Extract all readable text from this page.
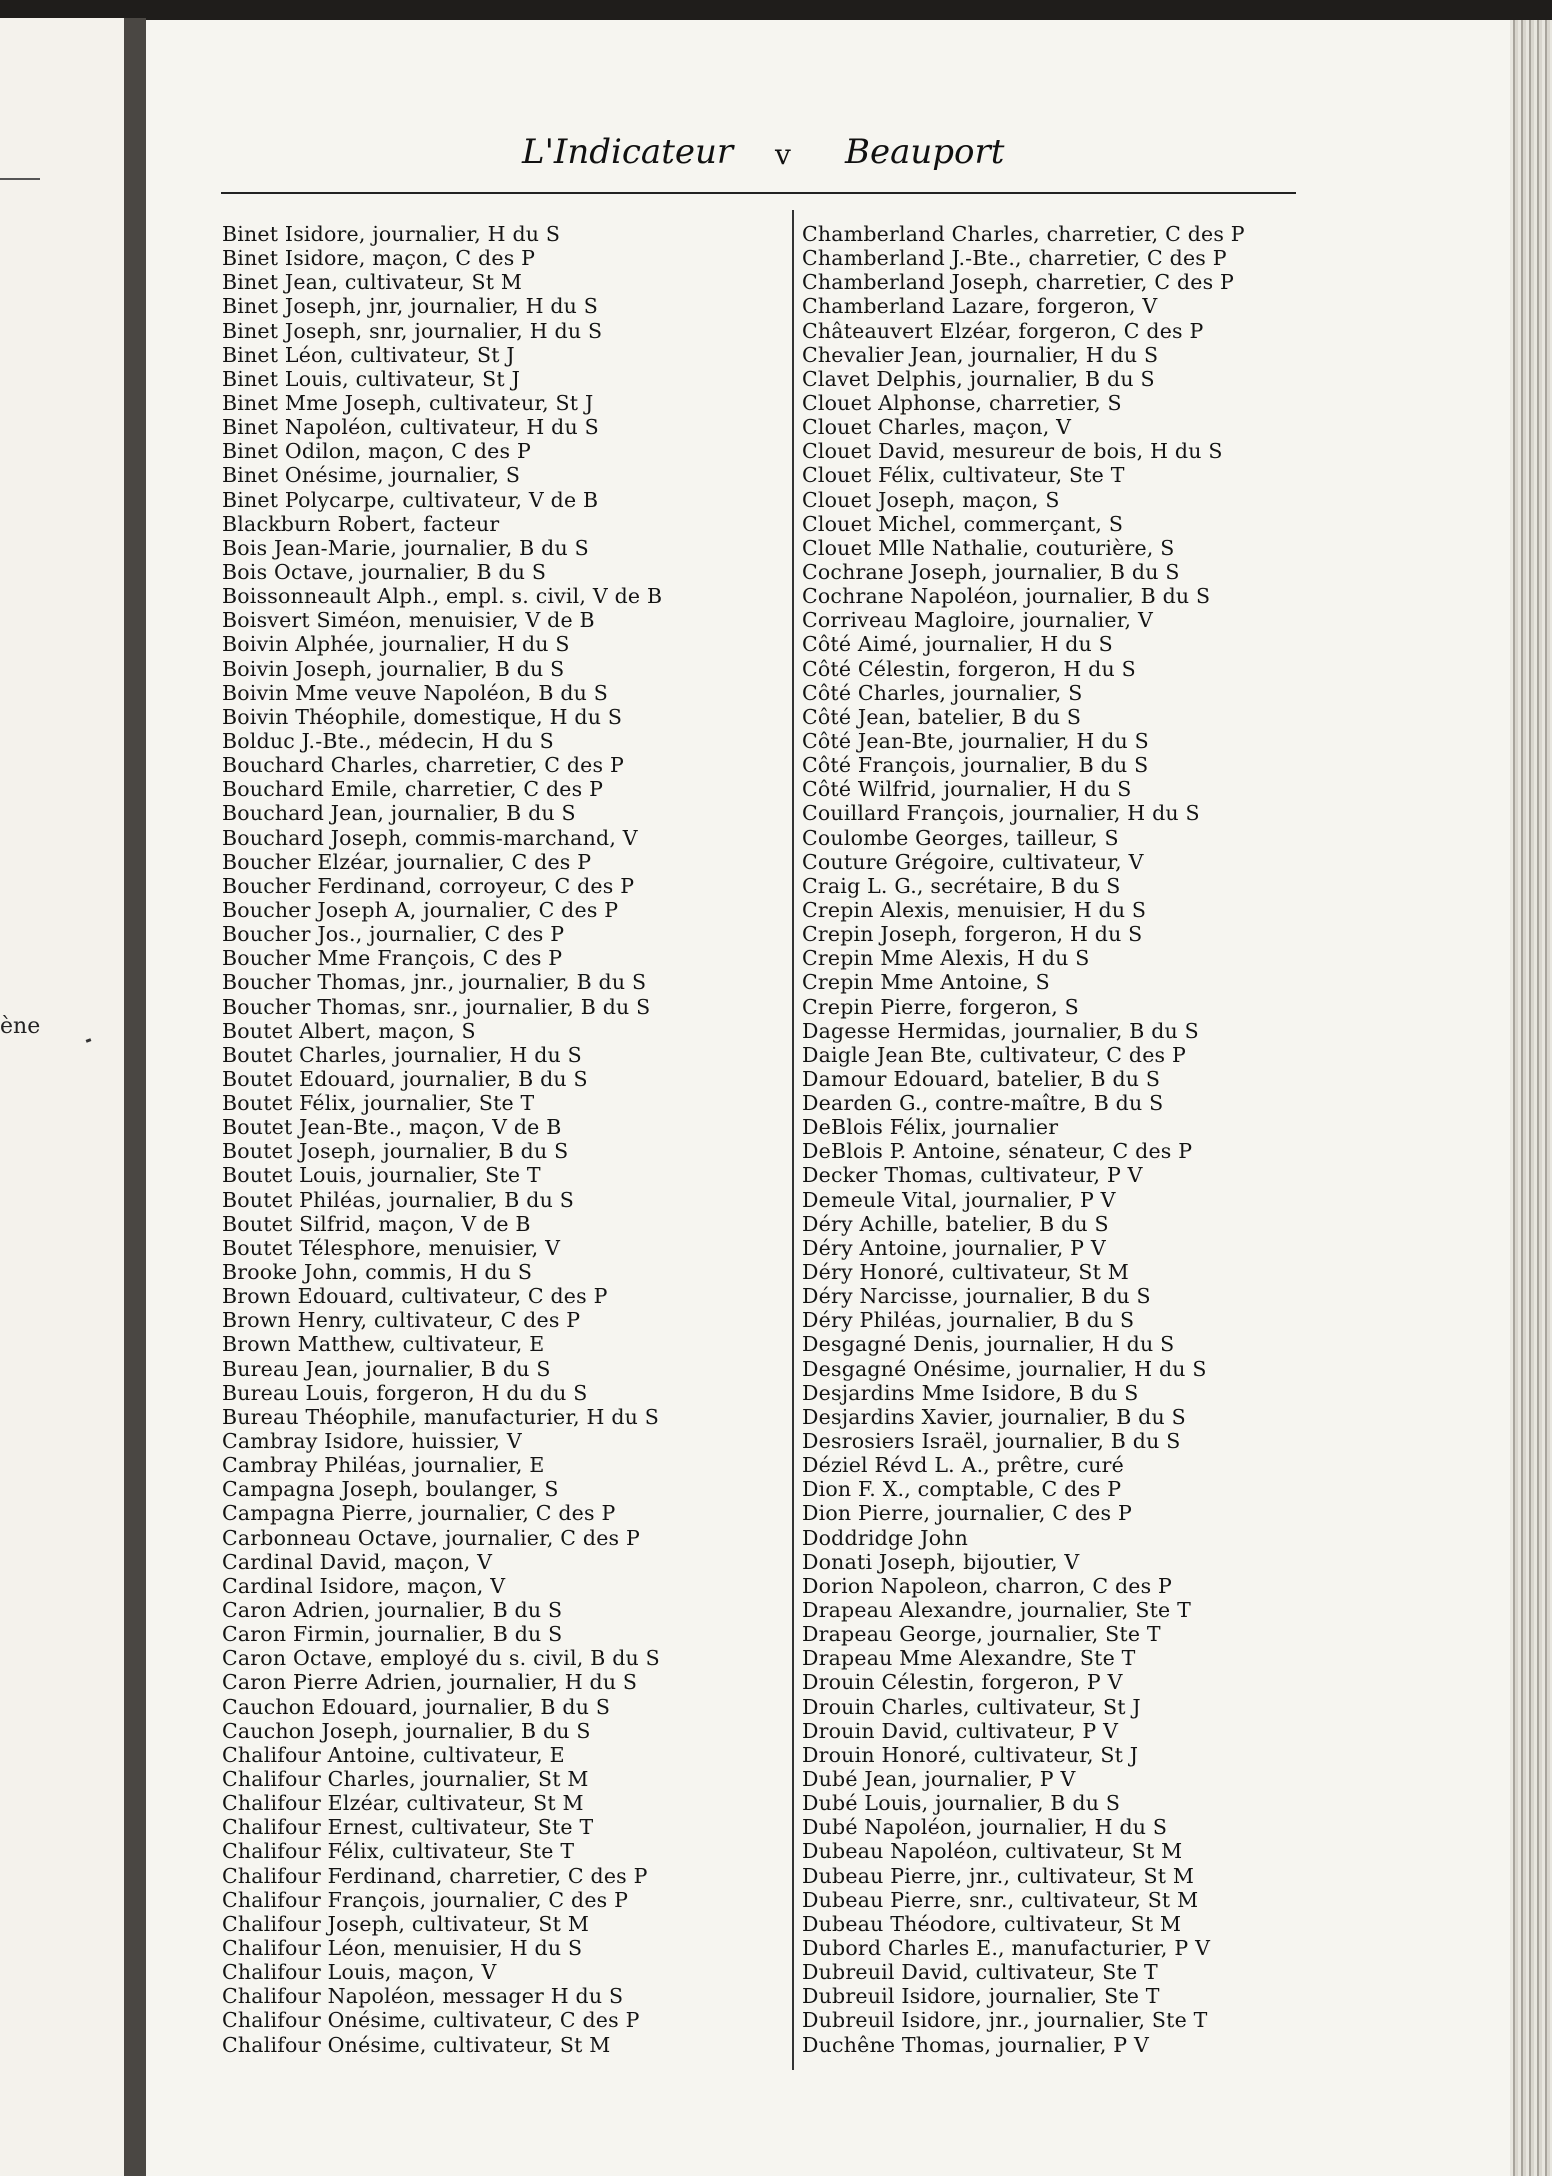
ène
L'Indicateur v Beauport
Binet Isidore, journalier, H du S
Binet Isidore, maçon, C des P
Binet Jean, cultivateur, St M
Binet Joseph, jnr, journalier, H du S
Binet Joseph, snr, journalier, H du S
Binet Léon, cultivateur, St J
Binet Louis, cultivateur, St J
Binet Mme Joseph, cultivateur, St J
Binet Napoléon, cultivateur, H du S
Binet Odilon, maçon, C des P
Binet Onésime, journalier, S
Binet Polycarpe, cultivateur, V de B
Blackburn Robert, facteur
Bois Jean-Marie, journalier, B du S
Bois Octave, journalier, B du S
Boissonneault Alph., empl. s. civil, V de B
Boisvert Siméon, menuisier, V de B
Boivin Alphée, journalier, H du S
Boivin Joseph, journalier, B du S
Boivin Mme veuve Napoléon, B du S
Boivin Théophile, domestique, H du S
Bolduc J.-Bte., médecin, H du S
Bouchard Charles, charretier, C des P
Bouchard Emile, charretier, C des P
Bouchard Jean, journalier, B du S
Bouchard Joseph, commis-marchand, V
Boucher Elzéar, journalier, C des P
Boucher Ferdinand, corroyeur, C des P
Boucher Joseph A, journalier, C des P
Boucher Jos., journalier, C des P
Boucher Mme François, C des P
Boucher Thomas, jnr., journalier, B du S
Boucher Thomas, snr., journalier, B du S
Boutet Albert, maçon, S
Boutet Charles, journalier, H du S
Boutet Edouard, journalier, B du S
Boutet Félix, journalier, Ste T
Boutet Jean-Bte., maçon, V de B
Boutet Joseph, journalier, B du S
Boutet Louis, journalier, Ste T
Boutet Philéas, journalier, B du S
Boutet Silfrid, maçon, V de B
Boutet Télesphore, menuisier, V
Brooke John, commis, H du S
Brown Edouard, cultivateur, C des P
Brown Henry, cultivateur, C des P
Brown Matthew, cultivateur, E
Bureau Jean, journalier, B du S
Bureau Louis, forgeron, H du du S
Bureau Théophile, manufacturier, H du S
Cambray Isidore, huissier, V
Cambray Philéas, journalier, E
Campagna Joseph, boulanger, S
Campagna Pierre, journalier, C des P
Carbonneau Octave, journalier, C des P
Cardinal David, maçon, V
Cardinal Isidore, maçon, V
Caron Adrien, journalier, B du S
Caron Firmin, journalier, B du S
Caron Octave, employé du s. civil, B du S
Caron Pierre Adrien, journalier, H du S
Cauchon Edouard, journalier, B du S
Cauchon Joseph, journalier, B du S
Chalifour Antoine, cultivateur, E
Chalifour Charles, journalier, St M
Chalifour Elzéar, cultivateur, St M
Chalifour Ernest, cultivateur, Ste T
Chalifour Félix, cultivateur, Ste T
Chalifour Ferdinand, charretier, C des P
Chalifour François, journalier, C des P
Chalifour Joseph, cultivateur, St M
Chalifour Léon, menuisier, H du S
Chalifour Louis, maçon, V
Chalifour Napoléon, messager H du S
Chalifour Onésime, cultivateur, C des P
Chalifour Onésime, cultivateur, St M
Chamberland Charles, charretier, C des P
Chamberland J.-Bte., charretier, C des P
Chamberland Joseph, charretier, C des P
Chamberland Lazare, forgeron, V
Châteauvert Elzéar, forgeron, C des P
Chevalier Jean, journalier, H du S
Clavet Delphis, journalier, B du S
Clouet Alphonse, charretier, S
Clouet Charles, maçon, V
Clouet David, mesureur de bois, H du S
Clouet Félix, cultivateur, Ste T
Clouet Joseph, maçon, S
Clouet Michel, commerçant, S
Clouet Mlle Nathalie, couturière, S
Cochrane Joseph, journalier, B du S
Cochrane Napoléon, journalier, B du S
Corriveau Magloire, journalier, V
Côté Aimé, journalier, H du S
Côté Célestin, forgeron, H du S
Côté Charles, journalier, S
Côté Jean, batelier, B du S
Côté Jean-Bte, journalier, H du S
Côté François, journalier, B du S
Côté Wilfrid, journalier, H du S
Couillard François, journalier, H du S
Coulombe Georges, tailleur, S
Couture Grégoire, cultivateur, V
Craig L. G., secrétaire, B du S
Crepin Alexis, menuisier, H du S
Crepin Joseph, forgeron, H du S
Crepin Mme Alexis, H du S
Crepin Mme Antoine, S
Crepin Pierre, forgeron, S
Dagesse Hermidas, journalier, B du S
Daigle Jean Bte, cultivateur, C des P
Damour Edouard, batelier, B du S
Dearden G., contre-maître, B du S
DeBlois Félix, journalier
DeBlois P. Antoine, sénateur, C des P
Decker Thomas, cultivateur, P V
Demeule Vital, journalier, P V
Déry Achille, batelier, B du S
Déry Antoine, journalier, P V
Déry Honoré, cultivateur, St M
Déry Narcisse, journalier, B du S
Déry Philéas, journalier, B du S
Desgagné Denis, journalier, H du S
Desgagné Onésime, journalier, H du S
Desjardins Mme Isidore, B du S
Desjardins Xavier, journalier, B du S
Desrosiers Israël, journalier, B du S
Déziel Révd L. A., prêtre, curé
Dion F. X., comptable, C des P
Dion Pierre, journalier, C des P
Doddridge John
Donati Joseph, bijoutier, V
Dorion Napoleon, charron, C des P
Drapeau Alexandre, journalier, Ste T
Drapeau George, journalier, Ste T
Drapeau Mme Alexandre, Ste T
Drouin Célestin, forgeron, P V
Drouin Charles, cultivateur, St J
Drouin David, cultivateur, P V
Drouin Honoré, cultivateur, St J
Dubé Jean, journalier, P V
Dubé Louis, journalier, B du S
Dubé Napoléon, journalier, H du S
Dubeau Napoléon, cultivateur, St M
Dubeau Pierre, jnr., cultivateur, St M
Dubeau Pierre, snr., cultivateur, St M
Dubeau Théodore, cultivateur, St M
Dubord Charles E., manufacturier, P V
Dubreuil David, cultivateur, Ste T
Dubreuil Isidore, journalier, Ste T
Dubreuil Isidore, jnr., journalier, Ste T
Duchêne Thomas, journalier, P V
